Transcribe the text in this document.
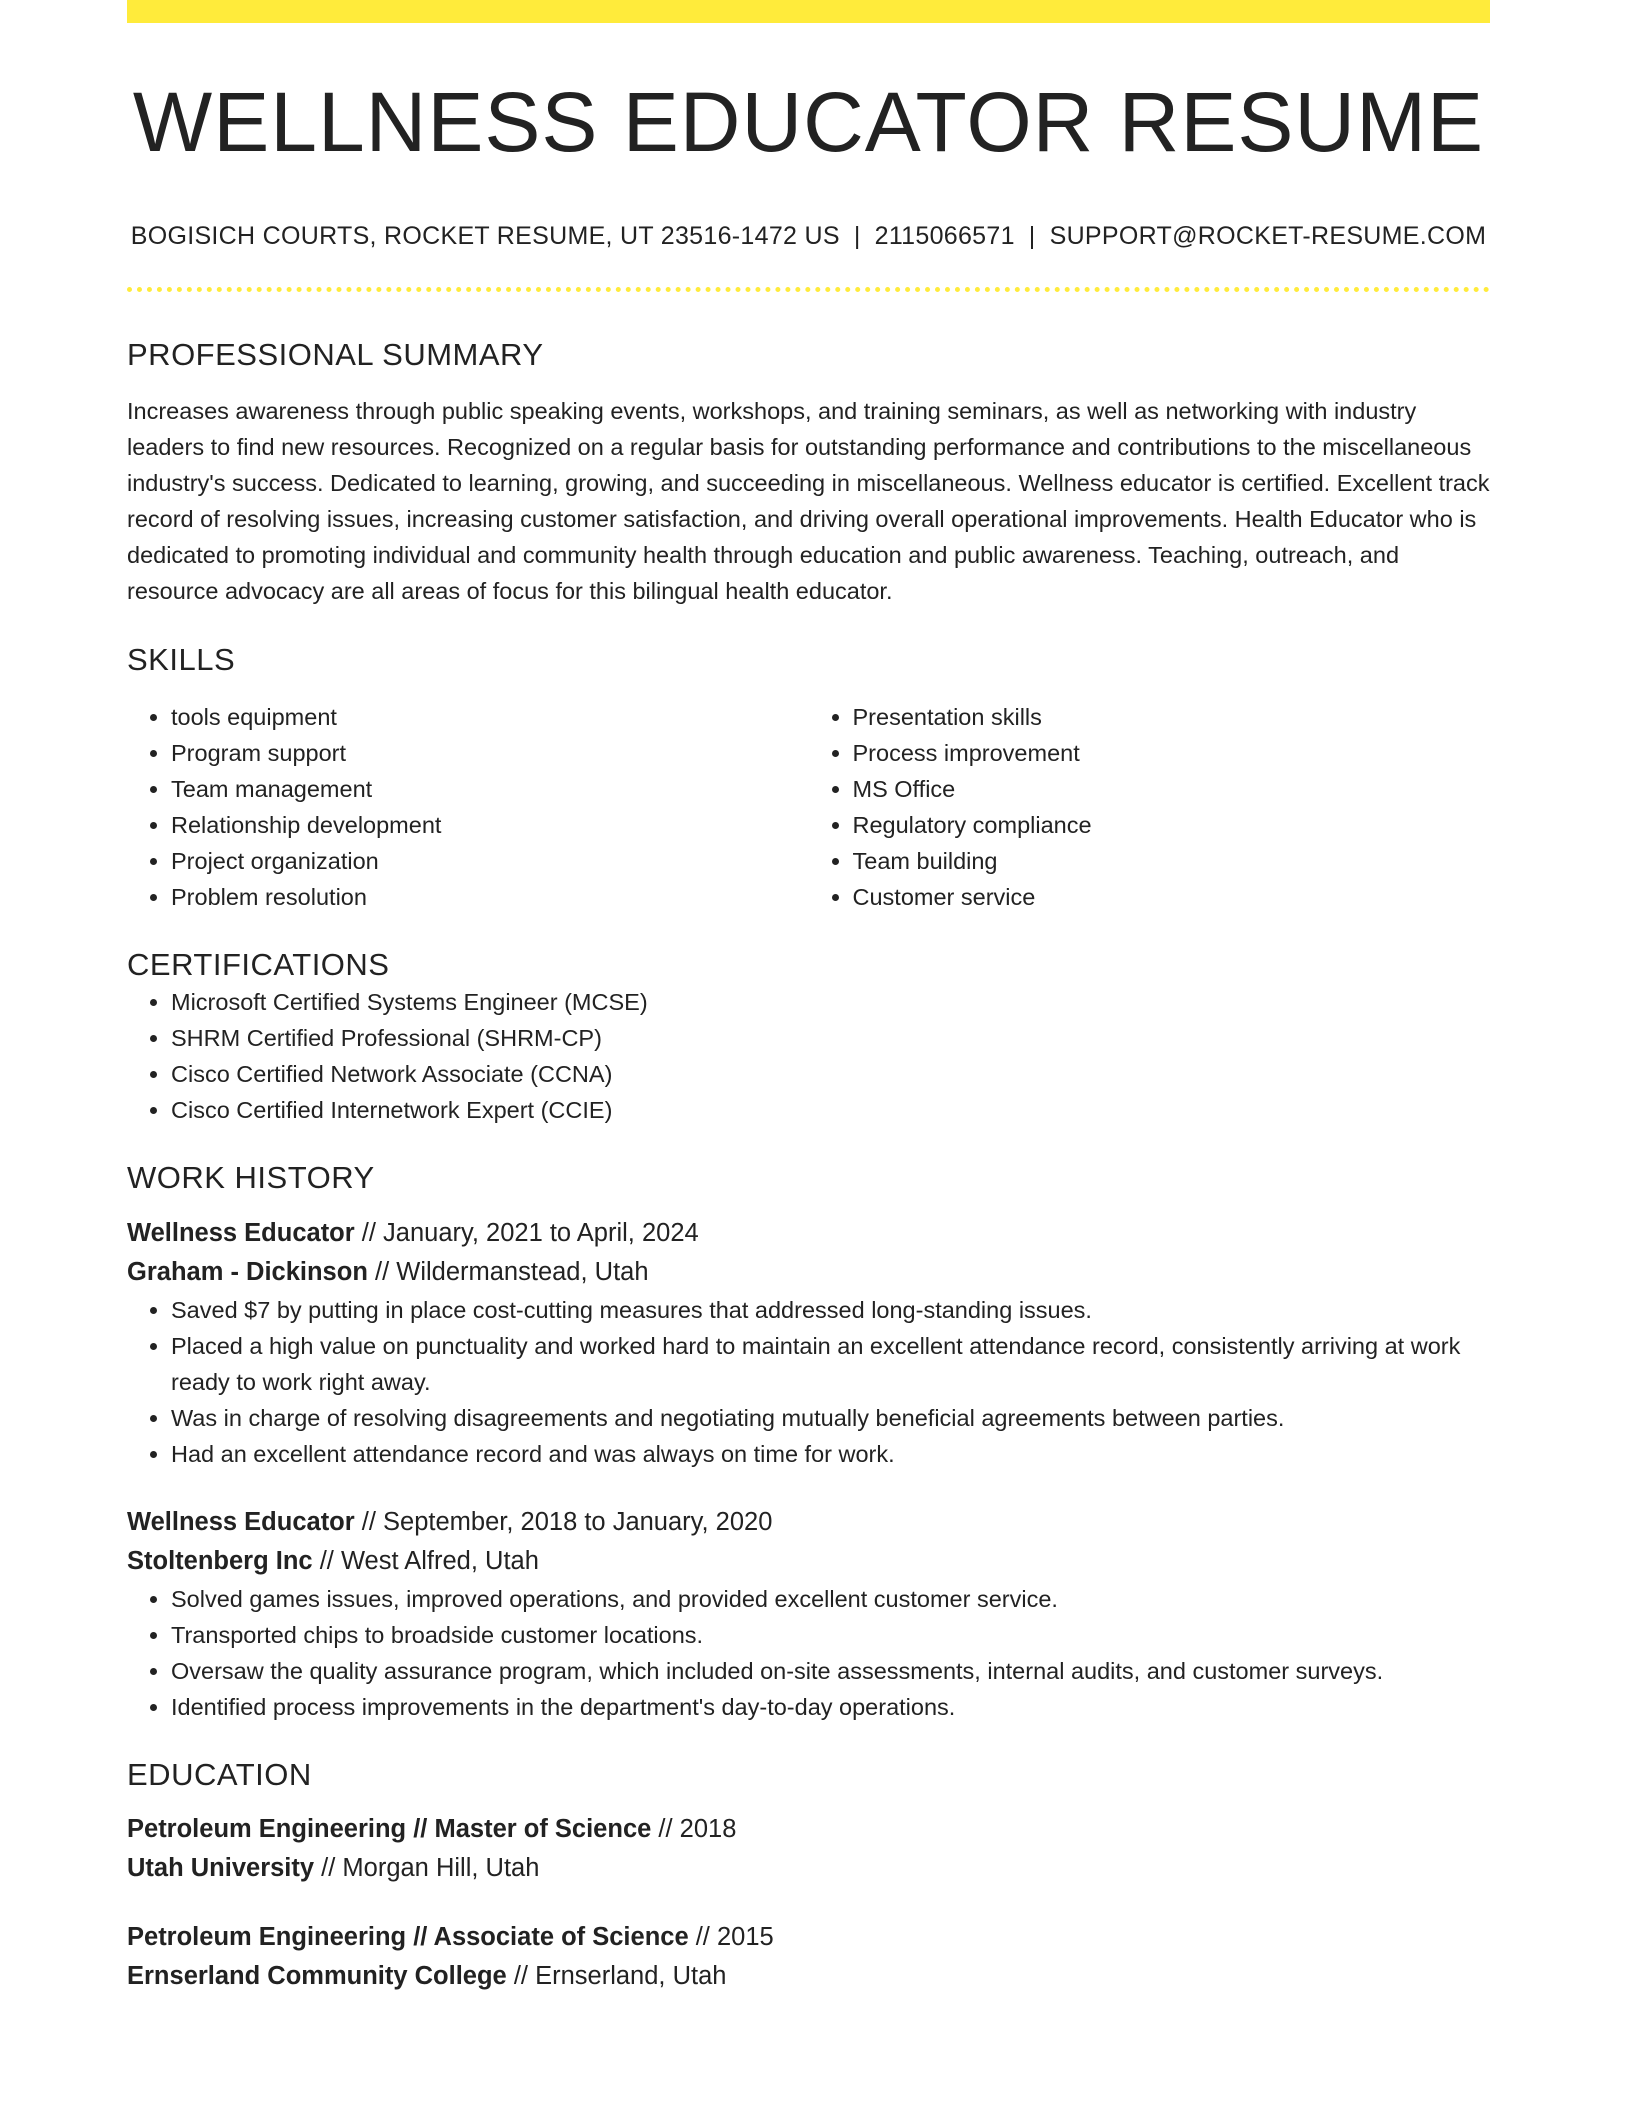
WELLNESS EDUCATOR RESUME
BOGISICH COURTS, ROCKET RESUME, UT 23516-1472 US | 2115066571 | SUPPORT@ROCKET-RESUME.COM
PROFESSIONAL SUMMARY

Increases awareness through public speaking events, workshops, and training seminars, as well as networking with industry leaders to find new resources. Recognized on a regular basis for outstanding performance and contributions to the miscellaneous industry's success. Dedicated to learning, growing, and succeeding in miscellaneous. Wellness educator is certified. Excellent track record of resolving issues, increasing customer satisfaction, and driving overall operational improvements. Health Educator who is dedicated to promoting individual and community health through education and public awareness. Teaching, outreach, and resource advocacy are all areas of focus for this bilingual health educator.

SKILLS
• tools equipment
• Program support
• Team management
• Relationship development
• Project organization
• Problem resolution
• Presentation skills
• Process improvement
• MS Office
• Regulatory compliance
• Team building
• Customer service
CERTIFICATIONS
• Microsoft Certified Systems Engineer (MCSE)
• SHRM Certified Professional (SHRM-CP)
• Cisco Certified Network Associate (CCNA)
• Cisco Certified Internetwork Expert (CCIE)
WORK HISTORY
Wellness Educator // January, 2021 to April, 2024
Graham - Dickinson // Wildermanstead, Utah
• Saved $7 by putting in place cost-cutting measures that addressed long-standing issues.
• Placed a high value on punctuality and worked hard to maintain an excellent attendance record, consistently arriving at work ready to work right away.
• Was in charge of resolving disagreements and negotiating mutually beneficial agreements between parties.
• Had an excellent attendance record and was always on time for work.
Wellness Educator // September, 2018 to January, 2020
Stoltenberg Inc // West Alfred, Utah
• Solved games issues, improved operations, and provided excellent customer service.
• Transported chips to broadside customer locations.
• Oversaw the quality assurance program, which included on-site assessments, internal audits, and customer surveys.
• Identified process improvements in the department's day-to-day operations.
EDUCATION
Petroleum Engineering // Master of Science // 2018
Utah University // Morgan Hill, Utah
Petroleum Engineering // Associate of Science // 2015
Ernserland Community College // Ernserland, Utah
